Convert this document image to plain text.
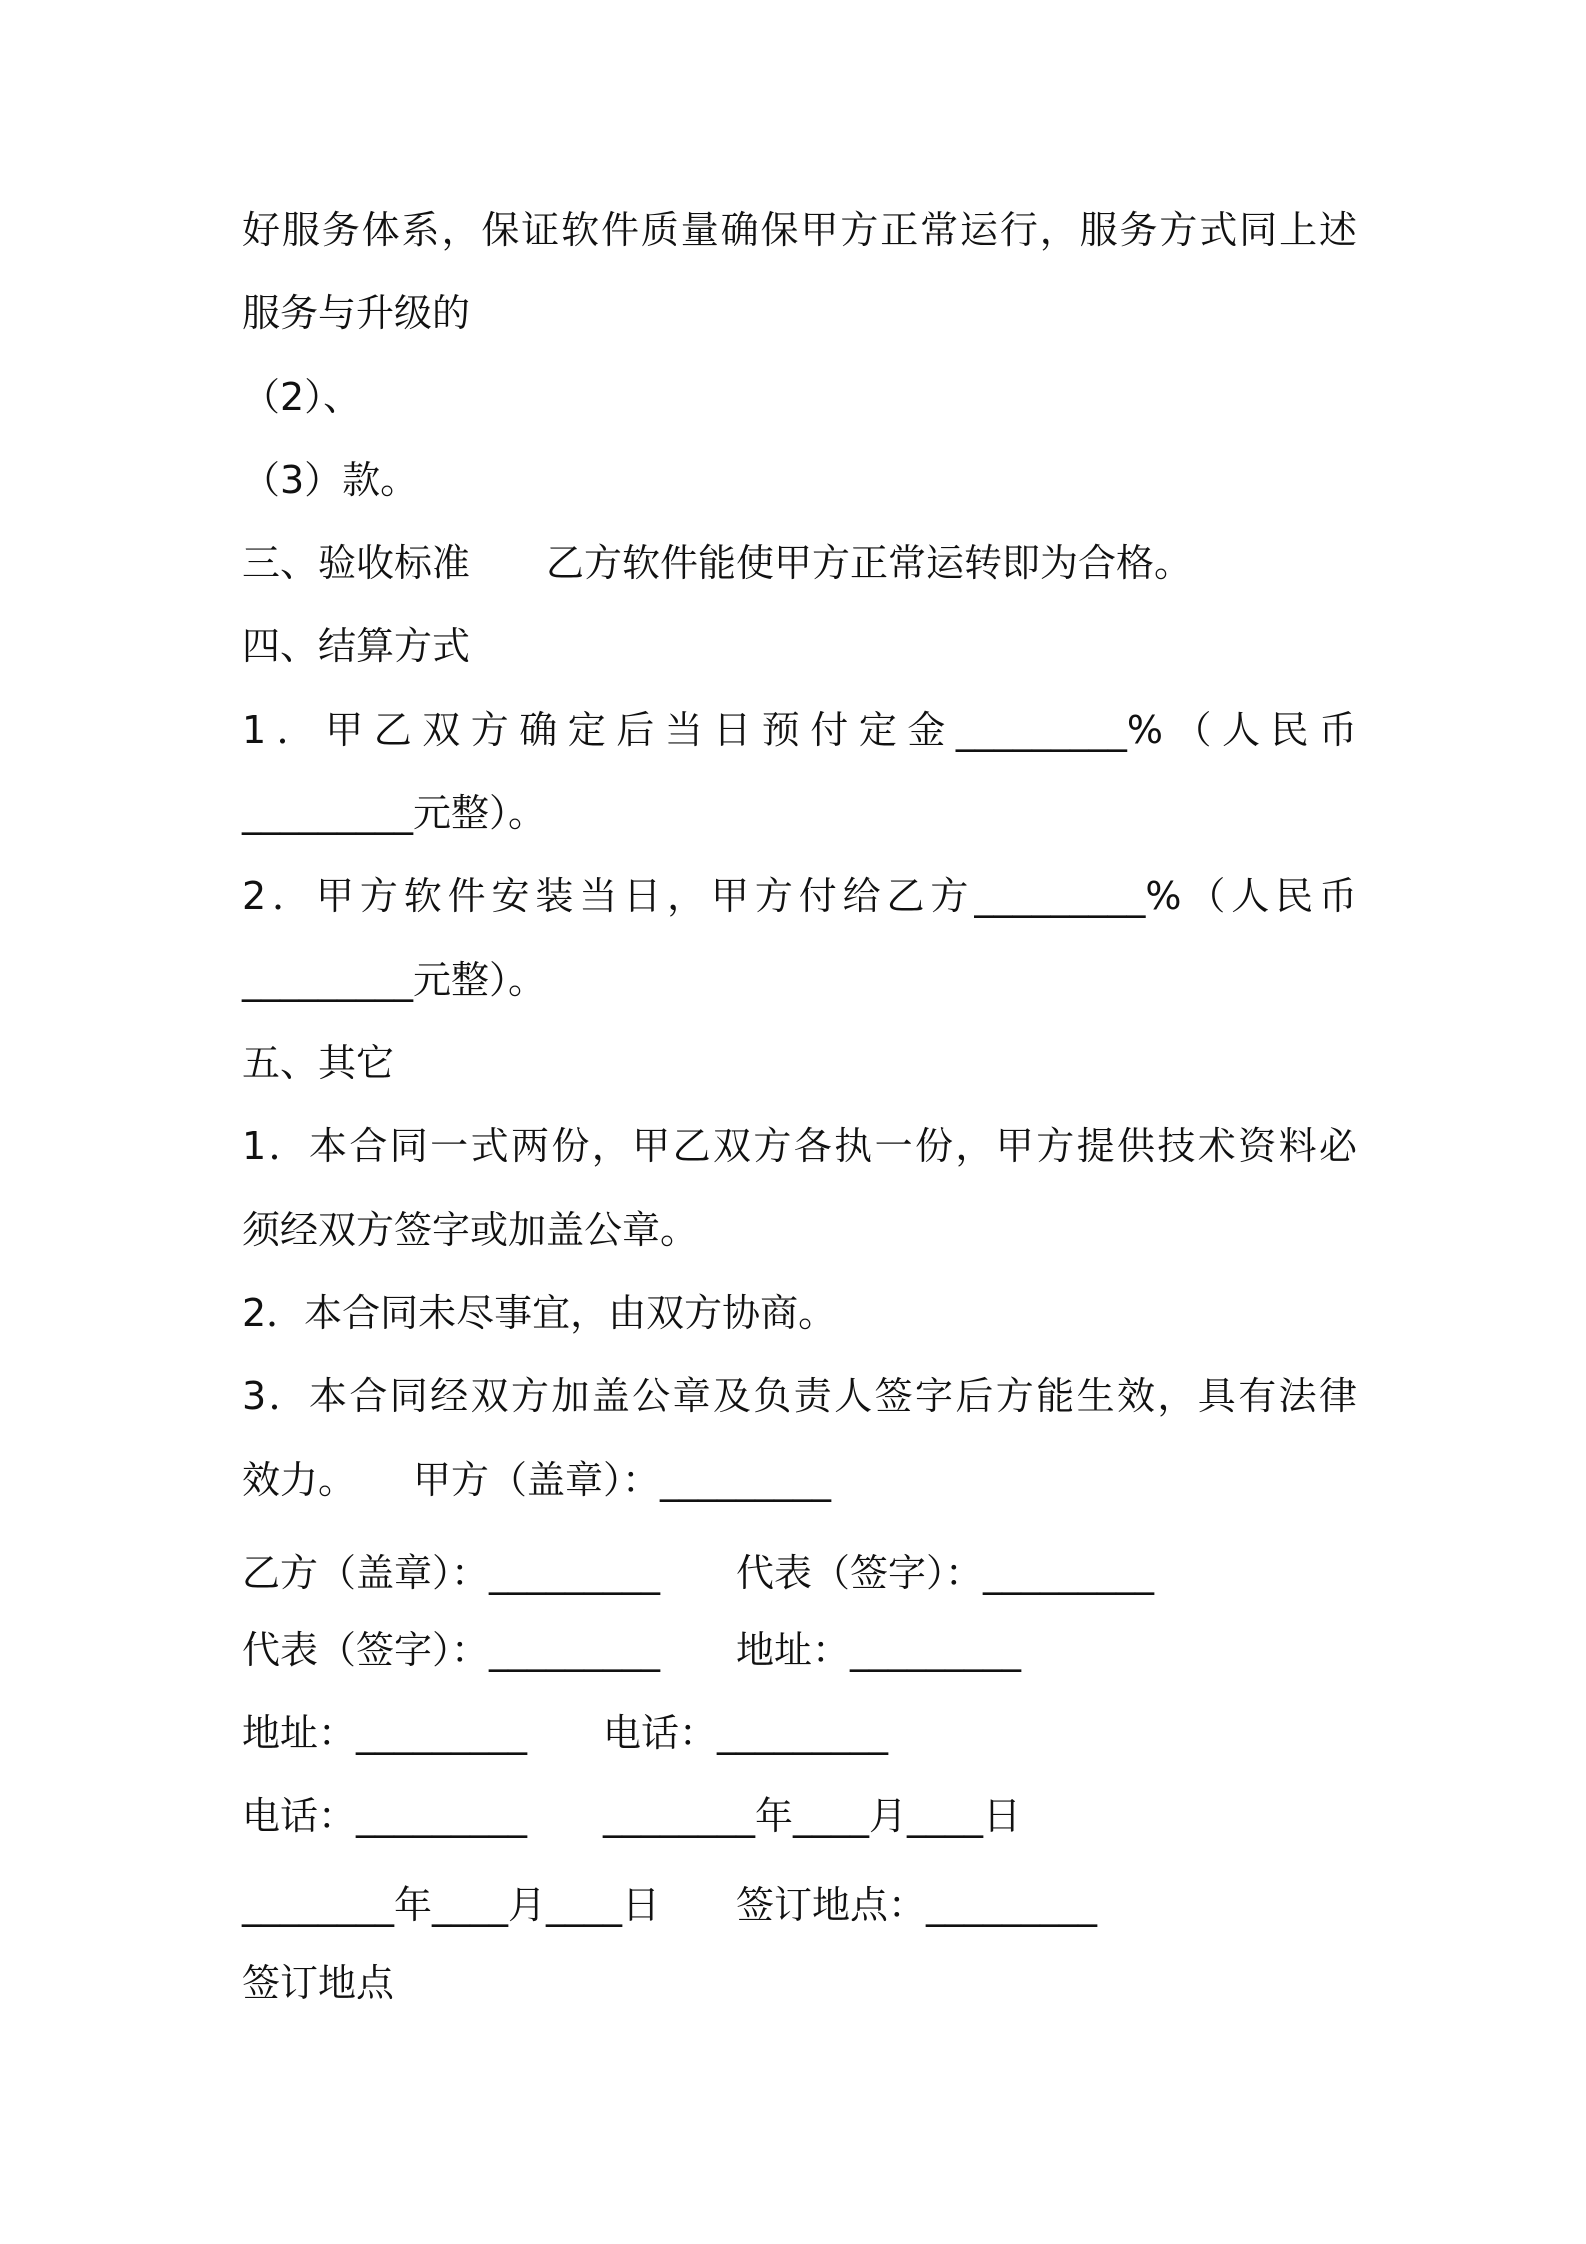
好服务体系，保证软件质量确保甲方正常运行，服务方式同上述
服务与升级的
（2）、
（3）款。
三、验收标准　　乙方软件能使甲方正常运转即为合格。
四、结算方式
1．甲乙双方确定后当日预付定金_________%（人民币
_________元整）。
2．甲方软件安装当日，甲方付给乙方_________%（人民币
_________元整）。
五、其它
1．本合同一式两份，甲乙双方各执一份，甲方提供技术资料必
须经双方签字或加盖公章。
2．本合同未尽事宜，由双方协商。
3．本合同经双方加盖公章及负责人签字后方能生效，具有法律
效力。　　甲方（盖章）：_________
乙方（盖章）：_________　　代表（签字）：_________
代表（签字）：_________　　地址：_________
地址：_________　　电话：_________
电话：_________　　________年____月____日
________年____月____日　　签订地点：_________
签订地点
